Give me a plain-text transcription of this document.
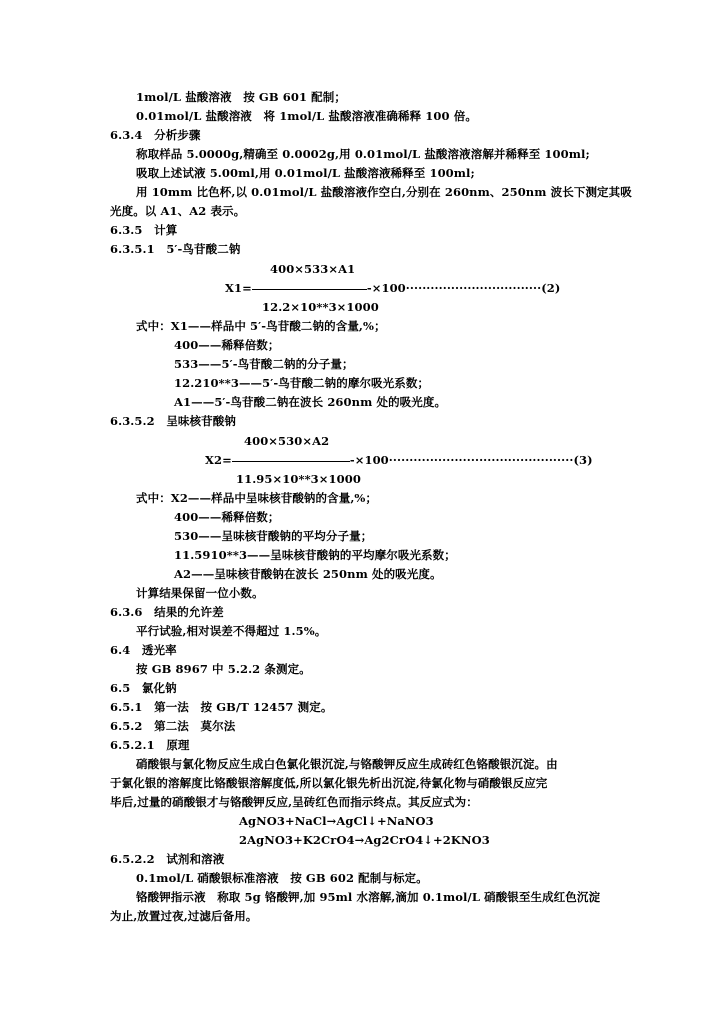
1mol/L 盐酸溶液　按 GB 601 配制；
0.01mol/L 盐酸溶液　将 1mol/L 盐酸溶液准确稀释 100 倍。
6.3.4　分析步骤
称取样品 5.0000g,精确至 0.0002g,用 0.01mol/L 盐酸溶液溶解并稀释至 100ml;
吸取上述试液 5.00ml,用 0.01mol/L 盐酸溶液稀释至 100ml;
用 10mm 比色杯,以 0.01mol/L 盐酸溶液作空白,分别在 260nm、250nm 波长下测定其吸
光度。以 A1、A2 表示。
6.3.5　计算
6.3.5.1　5′-鸟苷酸二钠
400×533×A1
X1=	-×100·································(2)
12.2×10**3×1000
式中：X1——样品中 5′-鸟苷酸二钠的含量,%；
400——稀释倍数；
533——5′-鸟苷酸二钠的分子量；
12.210**3——5′-鸟苷酸二钠的摩尔吸光系数；
A1——5′-鸟苷酸二钠在波长 260nm 处的吸光度。
6.3.5.2　呈味核苷酸钠
400×530×A2
X2=	-×100·············································(3)
11.95×10**3×1000
式中：X2——样品中呈味核苷酸钠的含量,%；
400——稀释倍数；
530——呈味核苷酸钠的平均分子量；
11.5910**3——呈味核苷酸钠的平均摩尔吸光系数；
A2——呈味核苷酸钠在波长 250nm 处的吸光度。
计算结果保留一位小数。
6.3.6　结果的允许差
平行试验,相对误差不得超过 1.5%。
6.4　透光率
按 GB 8967 中 5.2.2 条测定。
6.5　氯化钠
6.5.1　第一法　按 GB/T 12457 测定。
6.5.2　第二法　莫尔法
6.5.2.1　原理
硝酸银与氯化物反应生成白色氯化银沉淀,与铬酸钾反应生成砖红色铬酸银沉淀。由
于氯化银的溶解度比铬酸银溶解度低,所以氯化银先析出沉淀,待氯化物与硝酸银反应完
毕后,过量的硝酸银才与铬酸钾反应,呈砖红色而指示终点。其反应式为：
AgNO3+NaCl→AgCl↓+NaNO3
2AgNO3+K2CrO4→Ag2CrO4↓+2KNO3
6.5.2.2　试剂和溶液
0.1mol/L 硝酸银标准溶液　按 GB 602 配制与标定。
铬酸钾指示液　称取 5g 铬酸钾,加 95ml 水溶解,滴加 0.1mol/L 硝酸银至生成红色沉淀
为止,放置过夜,过滤后备用。
